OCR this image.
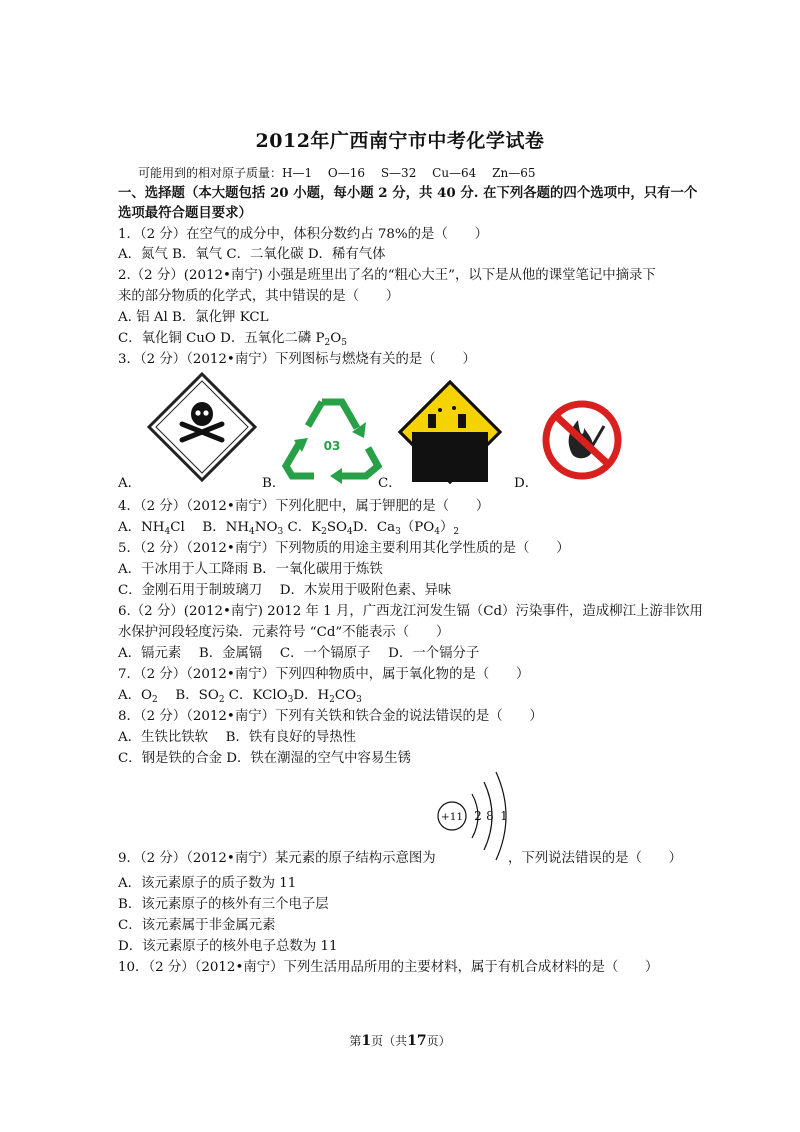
2012年广西南宁市中考化学试卷
可能用到的相对原子质量：H—1　 O—16　 S—32　 Cu—64　 Zn—65
一、选择题（本大题包括 20 小题，每小题 2 分，共 40 分. 在下列各题的四个选项中，只有一个
选项最符合题目要求）
1．（2 分）在空气的成分中，体积分数约占 78%的是（　　）
A．氮气 B．氧气 C．二氧化碳 D．稀有气体
2.（2 分）(2012•南宁) 小强是班里出了名的“粗心大王”，以下是从他的课堂笔记中摘录下
来的部分物质的化学式，其中错误的是（　　）
A. 铝 Al B．氯化钾 KCL
C．氧化铜 CuO D．五氧化二磷 $P_2O_5$
3．（2 分）（2012•南宁）下列图标与燃烧有关的是（　　）
03
A．	B．	C．	D．
4．（2 分）（2012•南宁）下列化肥中，属于钾肥的是（　　）
A．$NH_4Cl$　 B．$NH_4NO_3$ C．$K_2SO_4D$．$Ca_3(PO_4)_2$
5．（2 分）（2012•南宁）下列物质的用途主要利用其化学性质的是（　　）
A．干冰用于人工降雨 B．一氧化碳用于炼铁
C．金刚石用于制玻璃刀　 D．木炭用于吸附色素、异味
6.（2 分）(2012•南宁) 2012 年 1 月，广西龙江河发生镉（Cd）污染事件，造成柳江上游非饮用
水保护河段轻度污染．元素符号 “Cd”不能表示（　　）
A．镉元素　 B．金属镉　 C．一个镉原子　 D．一个镉分子
7．（2 分）（2012•南宁）下列四种物质中，属于氧化物的是（　　）
A．$O_2$　 B．$SO_2$ C．KClO$_3$D．$H_2CO_3$
8．（2 分）（2012•南宁）下列有关铁和铁合金的说法错误的是（　　）
A．生铁比铁软　 B．铁有良好的导热性
C．钢是铁的合金 D．铁在潮湿的空气中容易生锈
+11 2 8 1
9．（2 分）（2012•南宁）某元素的原子结构示意图为	，下列说法错误的是（　　）
A．该元素原子的质子数为 11
B．该元素原子的核外有三个电子层
C．该元素属于非金属元素
D．该元素原子的核外电子总数为 11
10．（2 分）（2012•南宁）下列生活用品所用的主要材料，属于有机合成材料的是（　　）
第1页（共17页）
